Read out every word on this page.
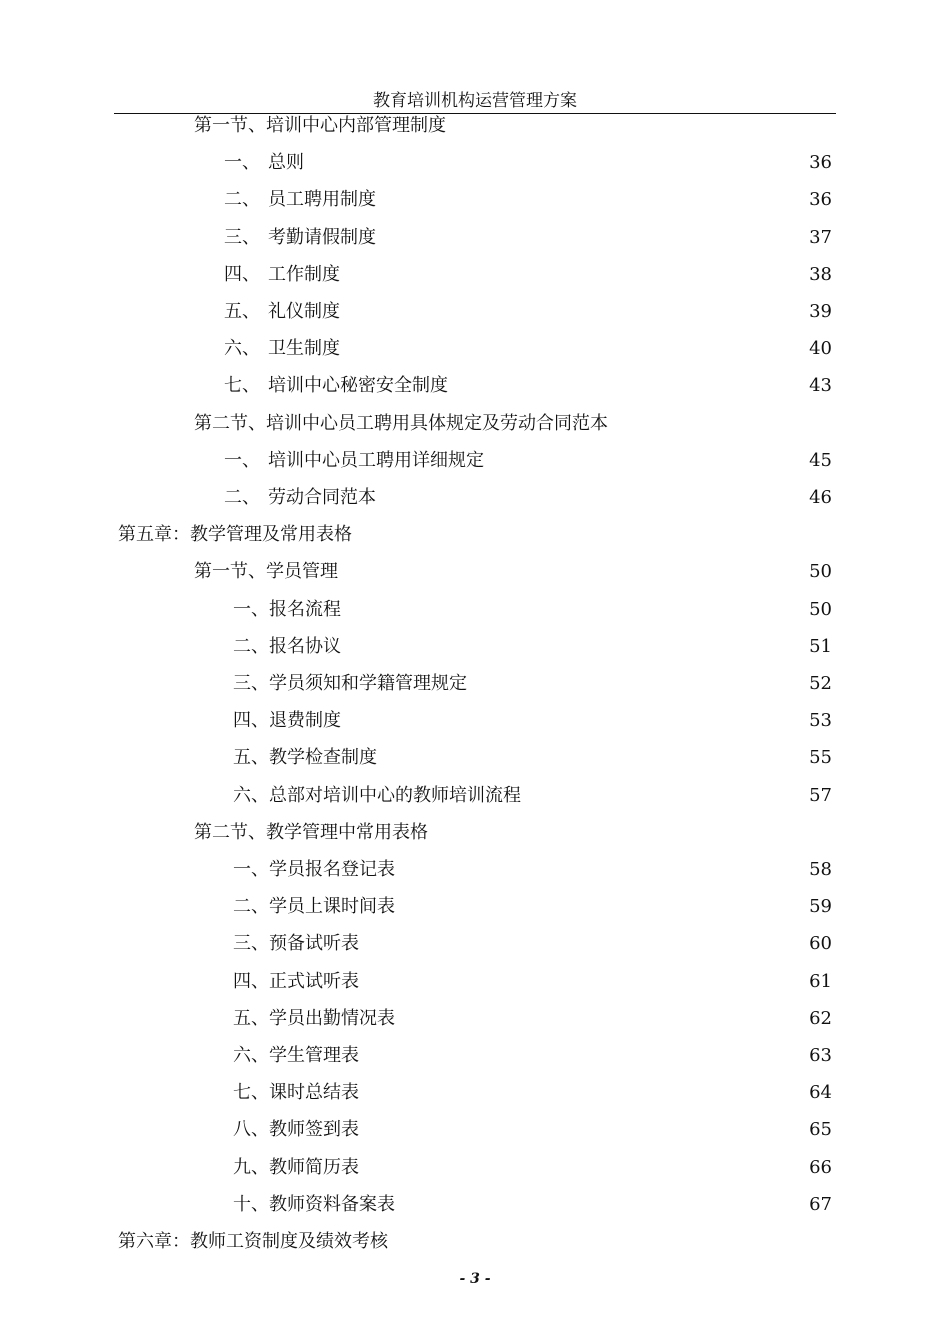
教育培训机构运营管理方案
第一节、培训中心内部管理制度
一、 总则	36
二、 员工聘用制度	36
三、 考勤请假制度	37
四、 工作制度	38
五、 礼仪制度	39
六、 卫生制度	40
七、 培训中心秘密安全制度	43
第二节、培训中心员工聘用具体规定及劳动合同范本
一、 培训中心员工聘用详细规定	45
二、 劳动合同范本	46
第五章：教学管理及常用表格
第一节、学员管理	50
一、报名流程	50
二、报名协议	51
三、学员须知和学籍管理规定	52
四、退费制度	53
五、教学检查制度	55
六、总部对培训中心的教师培训流程	57
第二节、教学管理中常用表格
一、学员报名登记表	58
二、学员上课时间表	59
三、预备试听表	60
四、正式试听表	61
五、学员出勤情况表	62
六、学生管理表	63
七、课时总结表	64
八、教师签到表	65
九、教师简历表	66
十、教师资料备案表	67
第六章：教师工资制度及绩效考核
- 3 -
